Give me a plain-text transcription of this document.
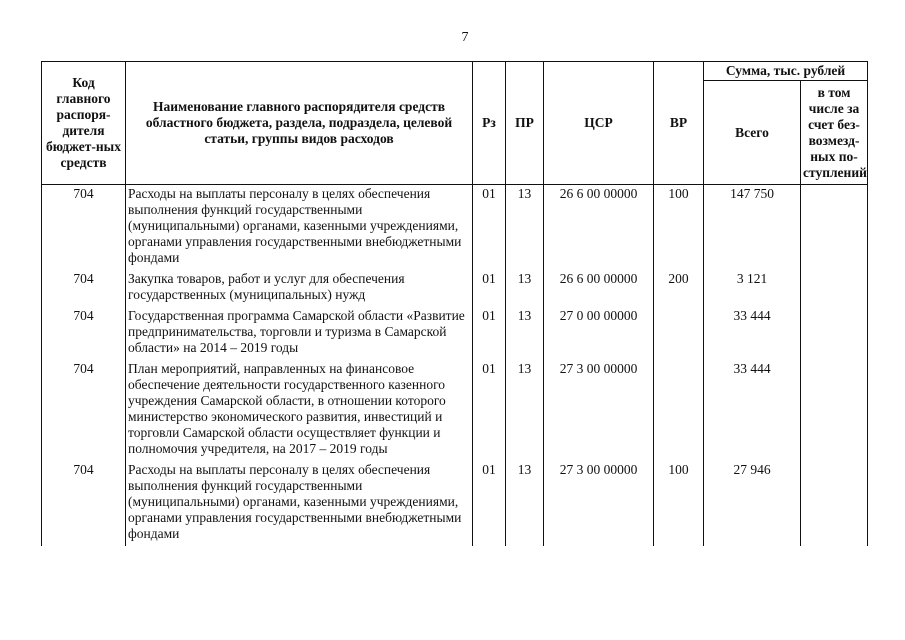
7
Код главного распоря-дителя бюджет-ных средств	Наименование главного распорядителя средств областного бюджета, раздела, подраздела, целевой статьи, группы видов расходов	Рз	ПР	ЦСР	ВР	Сумма, тыс. рублей	
						Всего	в том числе за счет без-возмезд-ных по-ступлений
704	Расходы на выплаты персоналу в целях обеспечения выполнения функций государственными (муниципальными) органами, казенными учреждениями, органами управления государственными внебюджетными фондами	01	13	26 6 00 00000	100	147 750	
704	Закупка товаров, работ и услуг для обеспечения государственных (муниципальных) нужд	01	13	26 6 00 00000	200	3 121	
704	Государственная программа Самарской области «Развитие предпринимательства, торговли и туризма в Самарской области» на 2014 – 2019 годы	01	13	27 0 00 00000		33 444	
704	План мероприятий, направленных на финансовое обеспечение деятельности государственного казенного учреждения Самарской области, в отношении которого министерство экономического развития, инвестиций и торговли Самарской области осуществляет функции и полномочия учредителя, на 2017 – 2019 годы	01	13	27 3 00 00000		33 444	
704	Расходы на выплаты персоналу в целях обеспечения выполнения функций государственными (муниципальными) органами, казенными учреждениями, органами управления государственными внебюджетными фондами	01	13	27 3 00 00000	100	27 946	
